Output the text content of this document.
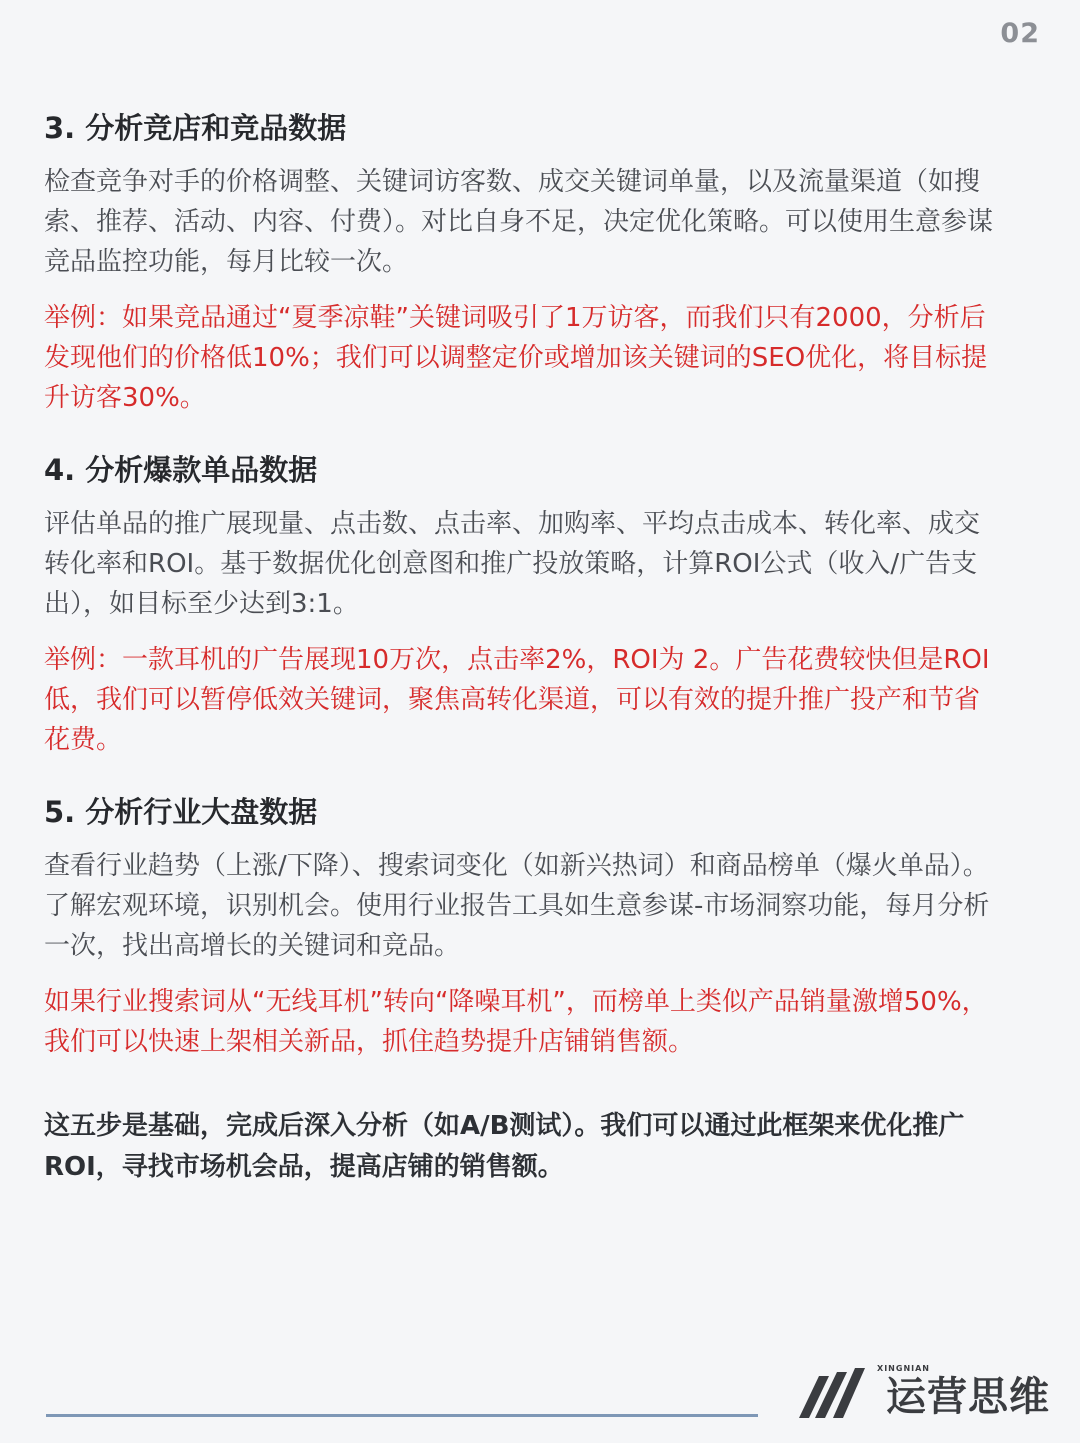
02
3. 分析竞店和竞品数据
检查竞争对手的价格调整、关键词访客数、成交关键词单量，以及流量渠道（如搜索、推荐、活动、内容、付费）。对比自身不足，决定优化策略。可以使用生意参谋竞品监控功能，每月比较一次。
举例：如果竞品通过“夏季凉鞋”关键词吸引了1万访客，而我们只有2000，分析后发现他们的价格低10%；我们可以调整定价或增加该关键词的SEO优化，将目标提升访客30%。
4. 分析爆款单品数据
评估单品的推广展现量、点击数、点击率、加购率、平均点击成本、转化率、成交转化率和ROI。基于数据优化创意图和推广投放策略，计算ROI公式（收入/广告支出），如目标至少达到3:1。
举例：一款耳机的广告展现10万次，点击率2%，ROI为 2。广告花费较快但是ROI低，我们可以暂停低效关键词，聚焦高转化渠道，可以有效的提升推广投产和节省花费。
5. 分析行业大盘数据
查看行业趋势（上涨/下降）、搜索词变化（如新兴热词）和商品榜单（爆火单品）。了解宏观环境，识别机会。使用行业报告工具如生意参谋-市场洞察功能，每月分析一次，找出高增长的关键词和竞品。
如果行业搜索词从“无线耳机”转向“降噪耳机”，而榜单上类似产品销量激增50%，我们可以快速上架相关新品，抓住趋势提升店铺销售额。
这五步是基础，完成后深入分析（如A/B测试）。我们可以通过此框架来优化推广ROI，寻找市场机会品，提高店铺的销售额。
XINGNIAN
运营思维
